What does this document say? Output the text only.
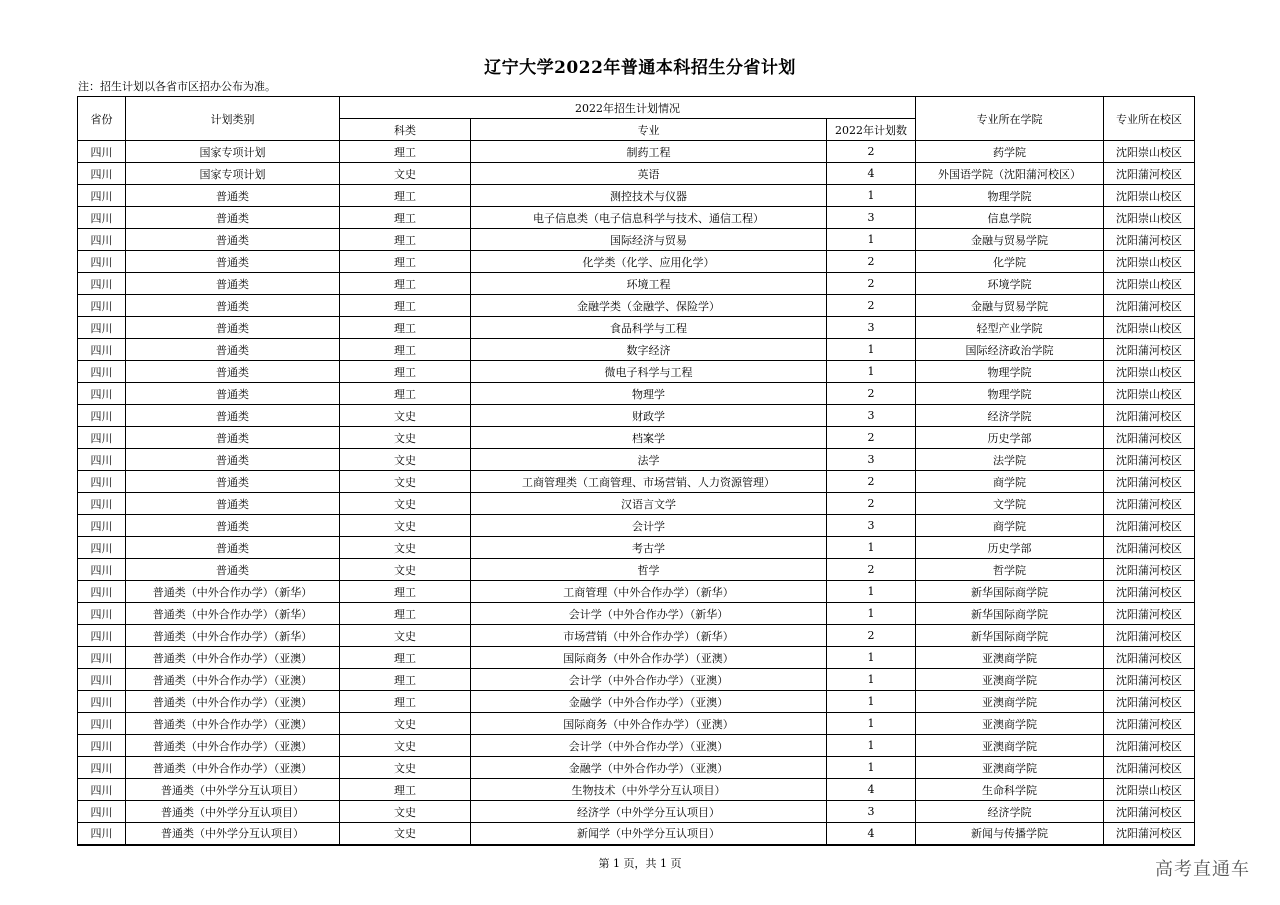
辽宁大学2022年普通本科招生分省计划
注：招生计划以各省市区招办公布为准。
省份	计划类别	2022年招生计划情况			专业所在学院	专业所在校区
		科类	专业	2022年计划数		
四川	国家专项计划	理工	制药工程	2	药学院	沈阳崇山校区
四川	国家专项计划	文史	英语	4	外国语学院（沈阳蒲河校区）	沈阳蒲河校区
四川	普通类	理工	测控技术与仪器	1	物理学院	沈阳崇山校区
四川	普通类	理工	电子信息类（电子信息科学与技术、通信工程）	3	信息学院	沈阳崇山校区
四川	普通类	理工	国际经济与贸易	1	金融与贸易学院	沈阳蒲河校区
四川	普通类	理工	化学类（化学、应用化学）	2	化学院	沈阳崇山校区
四川	普通类	理工	环境工程	2	环境学院	沈阳崇山校区
四川	普通类	理工	金融学类（金融学、保险学）	2	金融与贸易学院	沈阳蒲河校区
四川	普通类	理工	食品科学与工程	3	轻型产业学院	沈阳崇山校区
四川	普通类	理工	数字经济	1	国际经济政治学院	沈阳蒲河校区
四川	普通类	理工	微电子科学与工程	1	物理学院	沈阳崇山校区
四川	普通类	理工	物理学	2	物理学院	沈阳崇山校区
四川	普通类	文史	财政学	3	经济学院	沈阳蒲河校区
四川	普通类	文史	档案学	2	历史学部	沈阳蒲河校区
四川	普通类	文史	法学	3	法学院	沈阳蒲河校区
四川	普通类	文史	工商管理类（工商管理、市场营销、人力资源管理）	2	商学院	沈阳蒲河校区
四川	普通类	文史	汉语言文学	2	文学院	沈阳蒲河校区
四川	普通类	文史	会计学	3	商学院	沈阳蒲河校区
四川	普通类	文史	考古学	1	历史学部	沈阳蒲河校区
四川	普通类	文史	哲学	2	哲学院	沈阳蒲河校区
四川	普通类（中外合作办学）（新华）	理工	工商管理（中外合作办学）（新华）	1	新华国际商学院	沈阳蒲河校区
四川	普通类（中外合作办学）（新华）	理工	会计学（中外合作办学）（新华）	1	新华国际商学院	沈阳蒲河校区
四川	普通类（中外合作办学）（新华）	文史	市场营销（中外合作办学）（新华）	2	新华国际商学院	沈阳蒲河校区
四川	普通类（中外合作办学）（亚澳）	理工	国际商务（中外合作办学）（亚澳）	1	亚澳商学院	沈阳蒲河校区
四川	普通类（中外合作办学）（亚澳）	理工	会计学（中外合作办学）（亚澳）	1	亚澳商学院	沈阳蒲河校区
四川	普通类（中外合作办学）（亚澳）	理工	金融学（中外合作办学）（亚澳）	1	亚澳商学院	沈阳蒲河校区
四川	普通类（中外合作办学）（亚澳）	文史	国际商务（中外合作办学）（亚澳）	1	亚澳商学院	沈阳蒲河校区
四川	普通类（中外合作办学）（亚澳）	文史	会计学（中外合作办学）（亚澳）	1	亚澳商学院	沈阳蒲河校区
四川	普通类（中外合作办学）（亚澳）	文史	金融学（中外合作办学）（亚澳）	1	亚澳商学院	沈阳蒲河校区
四川	普通类（中外学分互认项目）	理工	生物技术（中外学分互认项目）	4	生命科学院	沈阳崇山校区
四川	普通类（中外学分互认项目）	文史	经济学（中外学分互认项目）	3	经济学院	沈阳蒲河校区
四川	普通类（中外学分互认项目）	文史	新闻学（中外学分互认项目）	4	新闻与传播学院	沈阳蒲河校区
第 1 页，共 1 页	高考直通车
